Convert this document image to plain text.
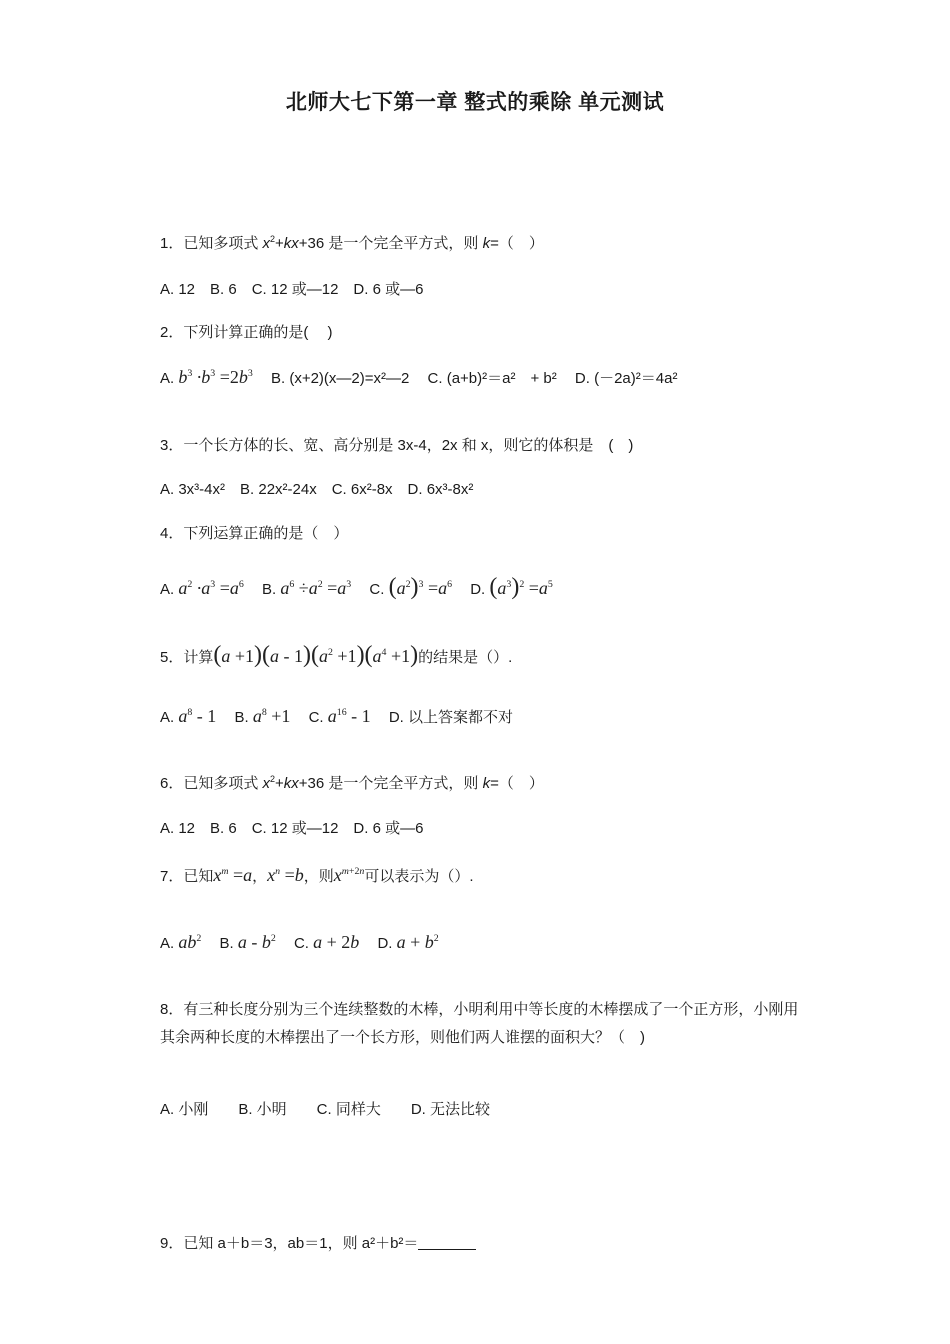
北师大七下第一章 整式的乘除 单元测试
1．已知多项式 $x^2+kx+36$ 是一个完全平方式，则 k=（　）
A. 12　B. 6　C. 12 或—12　D. 6 或—6
2．下列计算正确的是(　 )
A. $b^3 \cdot b^3 =2b^3$ B. (x+2)(x—2)=x²—2 C. (a+b)²＝a²　+ b² D. (－2a)²＝4a²
3．一个长方体的长、宽、高分别是 3x-4，2x 和 x，则它的体积是　(　)
A. 3x³-4x²　B. 22x²-24x　C. 6x²-8x　D. 6x³-8x²
4．下列运算正确的是（　）
A. $a^2 \cdot a^3 =a^6$ B. $a^6 \div a^2 =a^3$ C. $(a^2)^3 =a^6$ D. $(a^3)^2 =a^5$
5．计算$(a +1)(a - 1)(a^2 +1)(a^4 +1)$的结果是（）.
A. $a^8 - 1$ B. $a^8 +1$ C. $a^{16} - 1$ D. 以上答案都不对
6．已知多项式 $x^2+kx+36$ 是一个完全平方式，则 k=（　）
A. 12　B. 6　C. 12 或—12　D. 6 或—6
7．已知$x^m =a$，$x^n =b$，则$x^{m+2n}$可以表示为（）.
A. $ab^2$ B. a - $b^2$ C. a + 2b D. $a + b^2$
8．有三种长度分别为三个连续整数的木棒，小明利用中等长度的木棒摆成了一个正方形，小刚用其余两种长度的木棒摆出了一个长方形，则他们两人谁摆的面积大？（　)
A. 小刚　　B. 小明　　C. 同样大　　D. 无法比较
9．已知 a＋b＝3，ab＝1，则 a²＋b²＝
